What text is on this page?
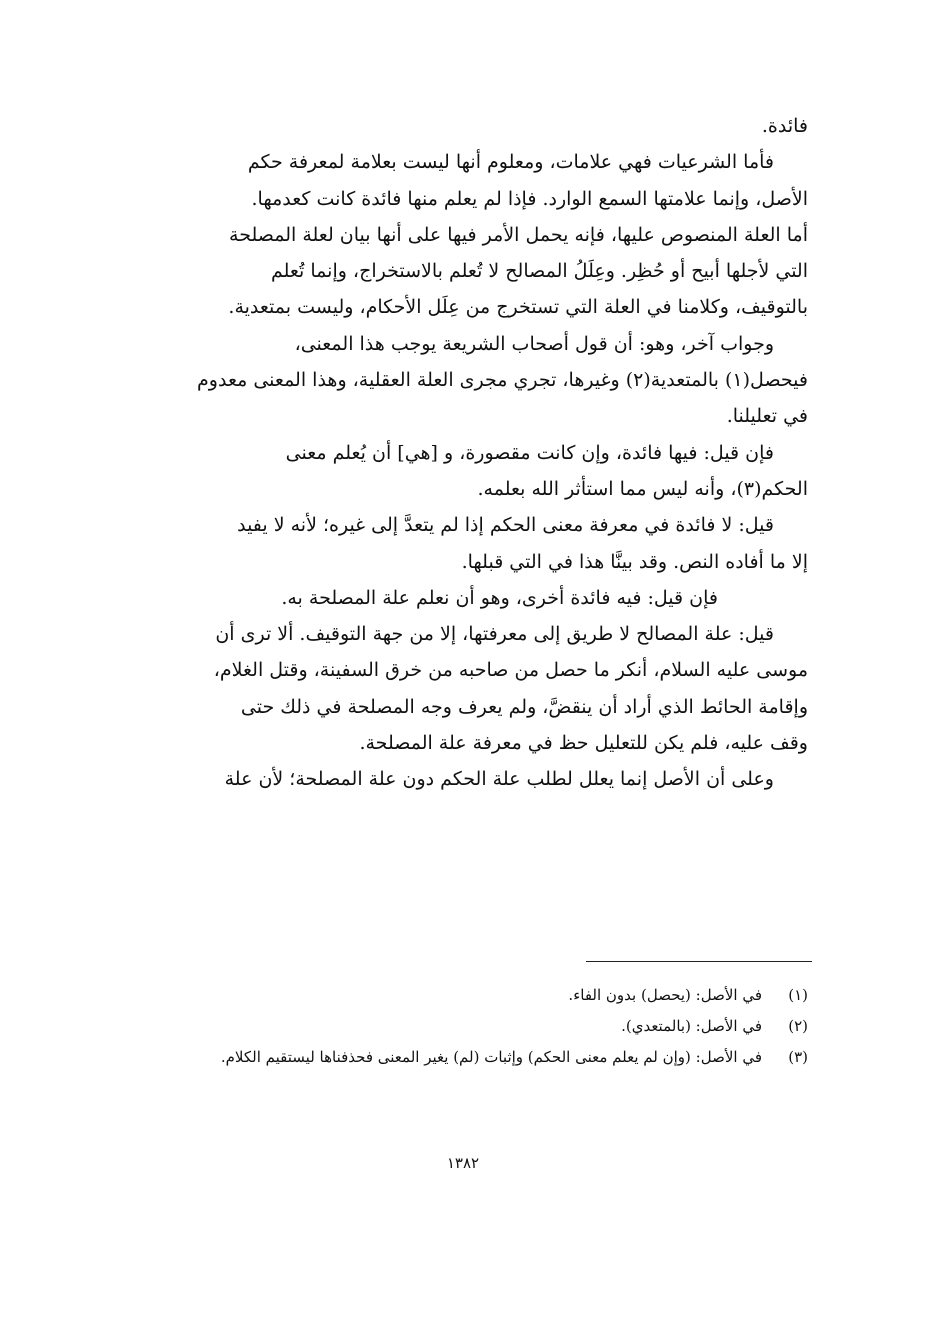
فائدة.

فأما الشرعيات فهي علامات، ومعلوم أنها ليست بعلامة لمعرفة حكم

الأصل، وإنما علامتها السمع الوارد. فإذا لم يعلم منها فائدة كانت كعدمها.

أما العلة المنصوص عليها، فإنه يحمل الأمر فيها على أنها بيان لعلة المصلحة

التي لأجلها أبيح أو حُظِر. وعِلَلُ المصالح لا تُعلم بالاستخراج، وإنما تُعلم

بالتوقيف، وكلامنا في العلة التي تستخرج من عِلَل الأحكام، وليست بمتعدية.

وجواب آخر، وهو: أن قول أصحاب الشريعة يوجب هذا المعنى،

فيحصل(١) بالمتعدية(٢) وغيرها، تجري مجرى العلة العقلية، وهذا المعنى معدوم

في تعليلنا.

فإن قيل: فيها فائدة، وإن كانت مقصورة، و [هي] أن يُعلم معنى

الحكم(٣)، وأنه ليس مما استأثر الله بعلمه.

قيل: لا فائدة في معرفة معنى الحكم إذا لم يتعدَّ إلى غيره؛ لأنه لا يفيد

إلا ما أفاده النص. وقد بينَّا هذا في التي قبلها.

فإن قيل: فيه فائدة أخرى، وهو أن نعلم علة المصلحة به.

قيل: علة المصالح لا طريق إلى معرفتها، إلا من جهة التوقيف. ألا ترى أن

موسى عليه السلام، أنكر ما حصل من صاحبه من خرق السفينة، وقتل الغلام،

وإقامة الحائط الذي أراد أن ينقضَّ، ولم يعرف وجه المصلحة في ذلك حتى

وقف عليه، فلم يكن للتعليل حظ في معرفة علة المصلحة.

وعلى أن الأصل إنما يعلل لطلب علة الحكم دون علة المصلحة؛ لأن علة

(١)
في الأصل: (يحصل) بدون الفاء.
(٢)
في الأصل: (بالمتعدي).
(٣)
في الأصل: (وإن لم يعلم معنى الحكم) وإثبات (لم) يغير المعنى فحذفناها ليستقيم الكلام.
١٣٨٢
